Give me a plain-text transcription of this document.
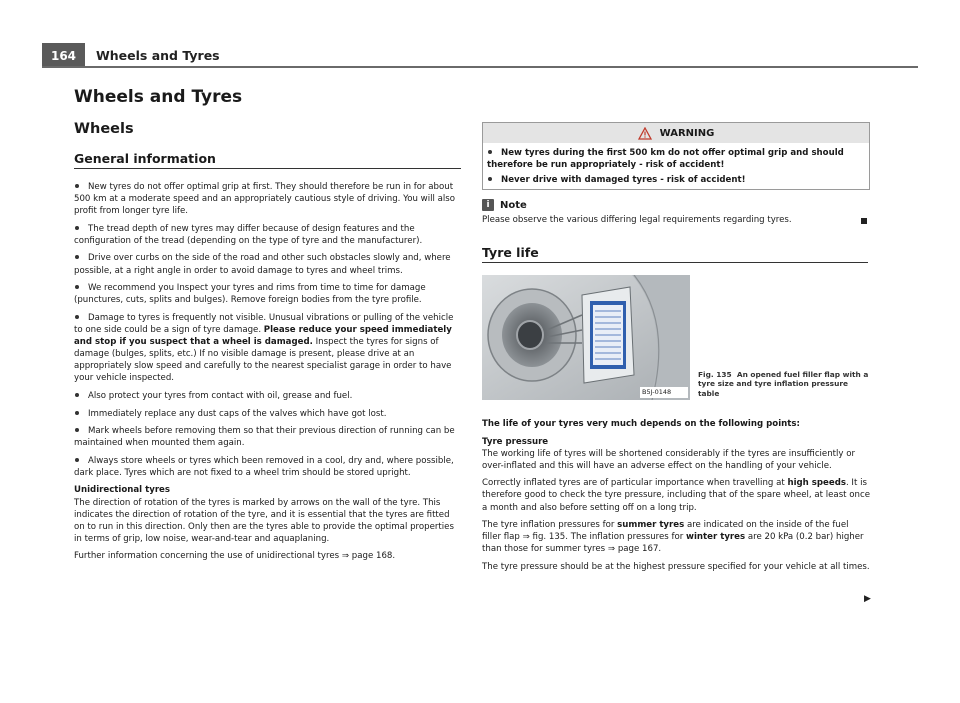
164	Wheels and Tyres
Wheels and Tyres
Wheels
General information

New tyres do not offer optimal grip at first. They should therefore be run in for about 500 km at a moderate speed and an appropriately cautious style of driving. You will also profit from longer tyre life.

The tread depth of new tyres may differ because of design features and the configuration of the tread (depending on the type of tyre and the manufacturer).

Drive over curbs on the side of the road and other such obstacles slowly and, where possible, at a right angle in order to avoid damage to tyres and wheel trims.

We recommend you Inspect your tyres and rims from time to time for damage (punctures, cuts, splits and bulges). Remove foreign bodies from the tyre profile.

Damage to tyres is frequently not visible. Unusual vibrations or pulling of the vehicle to one side could be a sign of tyre damage. Please reduce your speed immediately and stop if you suspect that a wheel is damaged. Inspect the tyres for signs of damage (bulges, splits, etc.) If no visible damage is present, please drive at an appropriately slow speed and carefully to the nearest specialist garage in order to have your vehicle inspected.

Also protect your tyres from contact with oil, grease and fuel.

Immediately replace any dust caps of the valves which have got lost.

Mark wheels before removing them so that their previous direction of running can be maintained when mounted them again.

Always store wheels or tyres which been removed in a cool, dry and, where possible, dark place. Tyres which are not fixed to a wheel trim should be stored upright.

Unidirectional tyres

The direction of rotation of the tyres is marked by arrows on the wall of the tyre. This indicates the direction of rotation of the tyre, and it is essential that the tyres are fitted on to run in this direction. Only then are the tyres able to provide the optimal properties in terms of grip, low noise, wear-and-tear and aquaplaning.

Further information concerning the use of unidirectional tyres ⇒ page 168.

WARNING
New tyres during the first 500 km do not offer optimal grip and should therefore be run appropriately - risk of accident!
Never drive with damaged tyres - risk of accident!
i	Note
Please observe the various differing legal requirements regarding tyres.
Tyre life
B5J-0148
Fig. 135 An opened fuel filler flap with a tyre size and tyre inflation pressure table

The life of your tyres very much depends on the following points:

Tyre pressure

The working life of tyres will be shortened considerably if the tyres are insufficiently or over-inflated and this will have an adverse effect on the handling of your vehicle.

Correctly inflated tyres are of particular importance when travelling at high speeds. It is therefore good to check the tyre pressure, including that of the spare wheel, at least once a month and also before setting off on a long trip.

The tyre inflation pressures for summer tyres are indicated on the inside of the fuel filler flap ⇒ fig. 135. The inflation pressures for winter tyres are 20 kPa (0.2 bar) higher than those for summer tyres ⇒ page 167.

The tyre pressure should be at the highest pressure specified for your vehicle at all times.

▶
